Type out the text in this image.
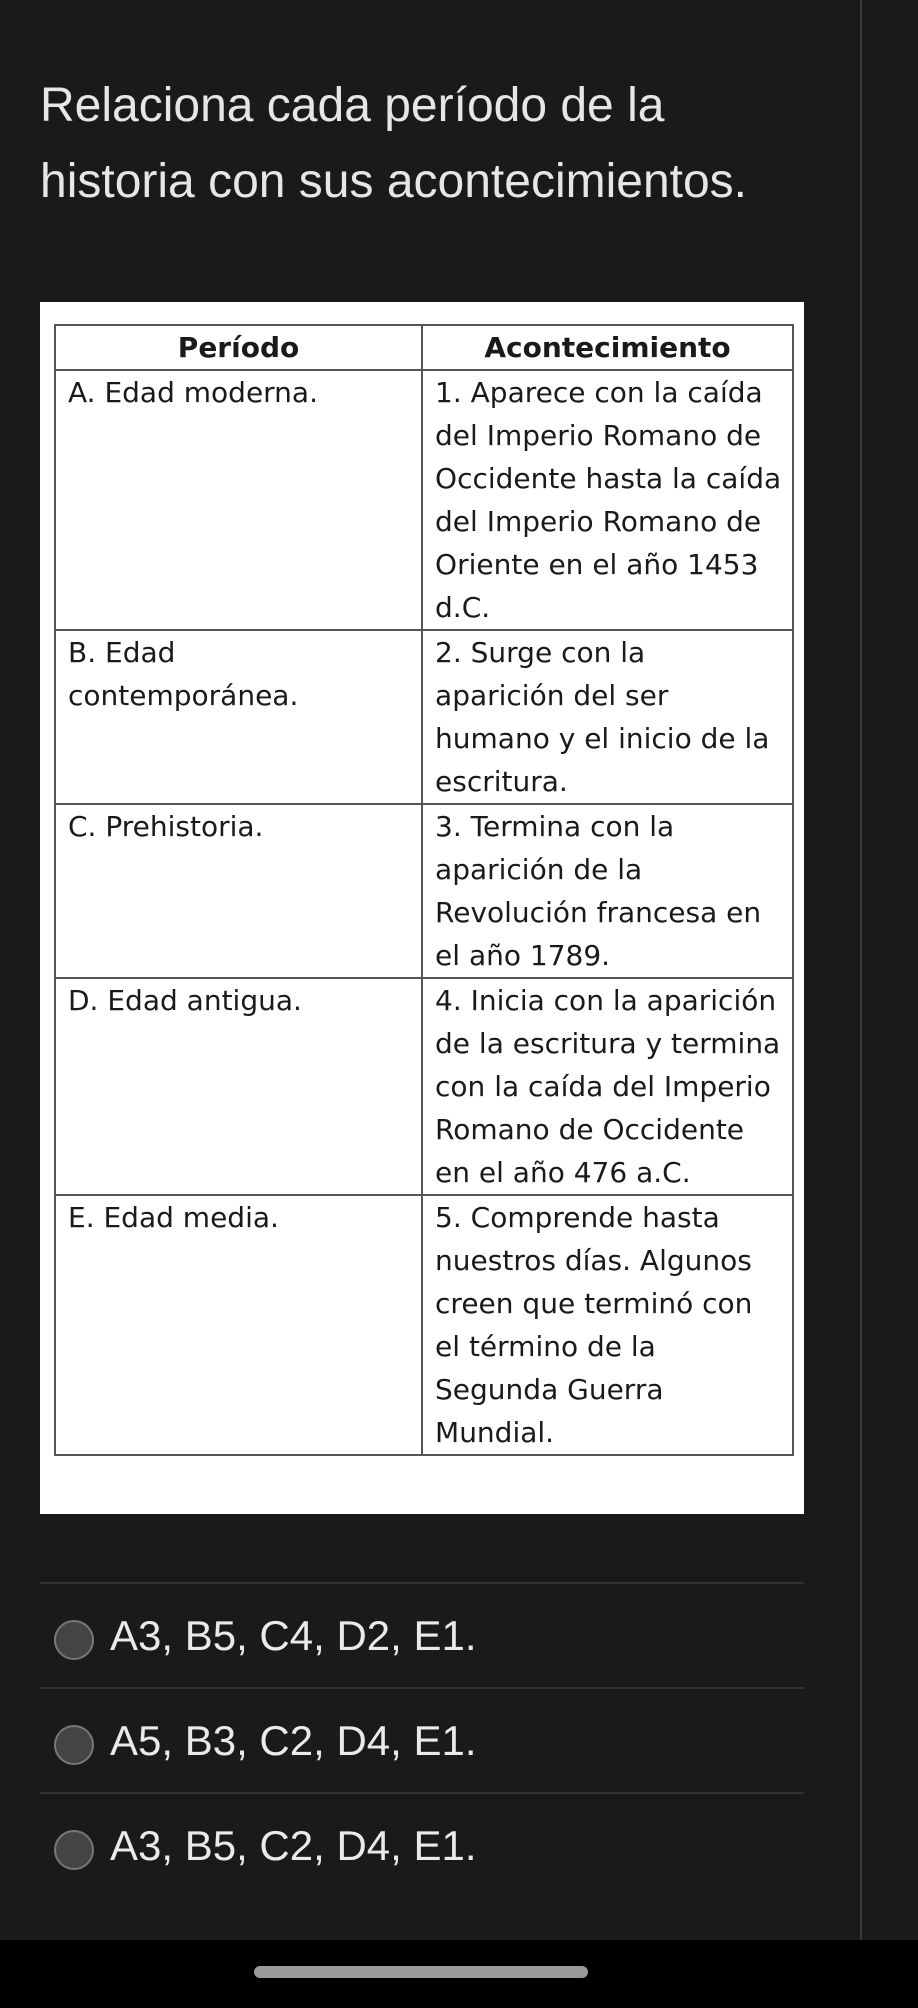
Relaciona cada período de la
historia con sus acontecimientos.
Período	Acontecimiento
A. Edad moderna.	1. Aparece con la caída del Imperio Romano de Occidente hasta la caída del Imperio Romano de Oriente en el año 1453 d.C.
B. Edad contemporánea.	2. Surge con la aparición del ser humano y el inicio de la escritura.
C. Prehistoria.	3. Termina con la aparición de la Revolución francesa en el año 1789.
D. Edad antigua.	4. Inicia con la aparición de la escritura y termina con la caída del Imperio Romano de Occidente en el año 476 a.C.
E. Edad media.	5. Comprende hasta nuestros días. Algunos creen que terminó con el término de la Segunda Guerra Mundial.
A3, B5, C4, D2, E1.
A5, B3, C2, D4, E1.
A3, B5, C2, D4, E1.
